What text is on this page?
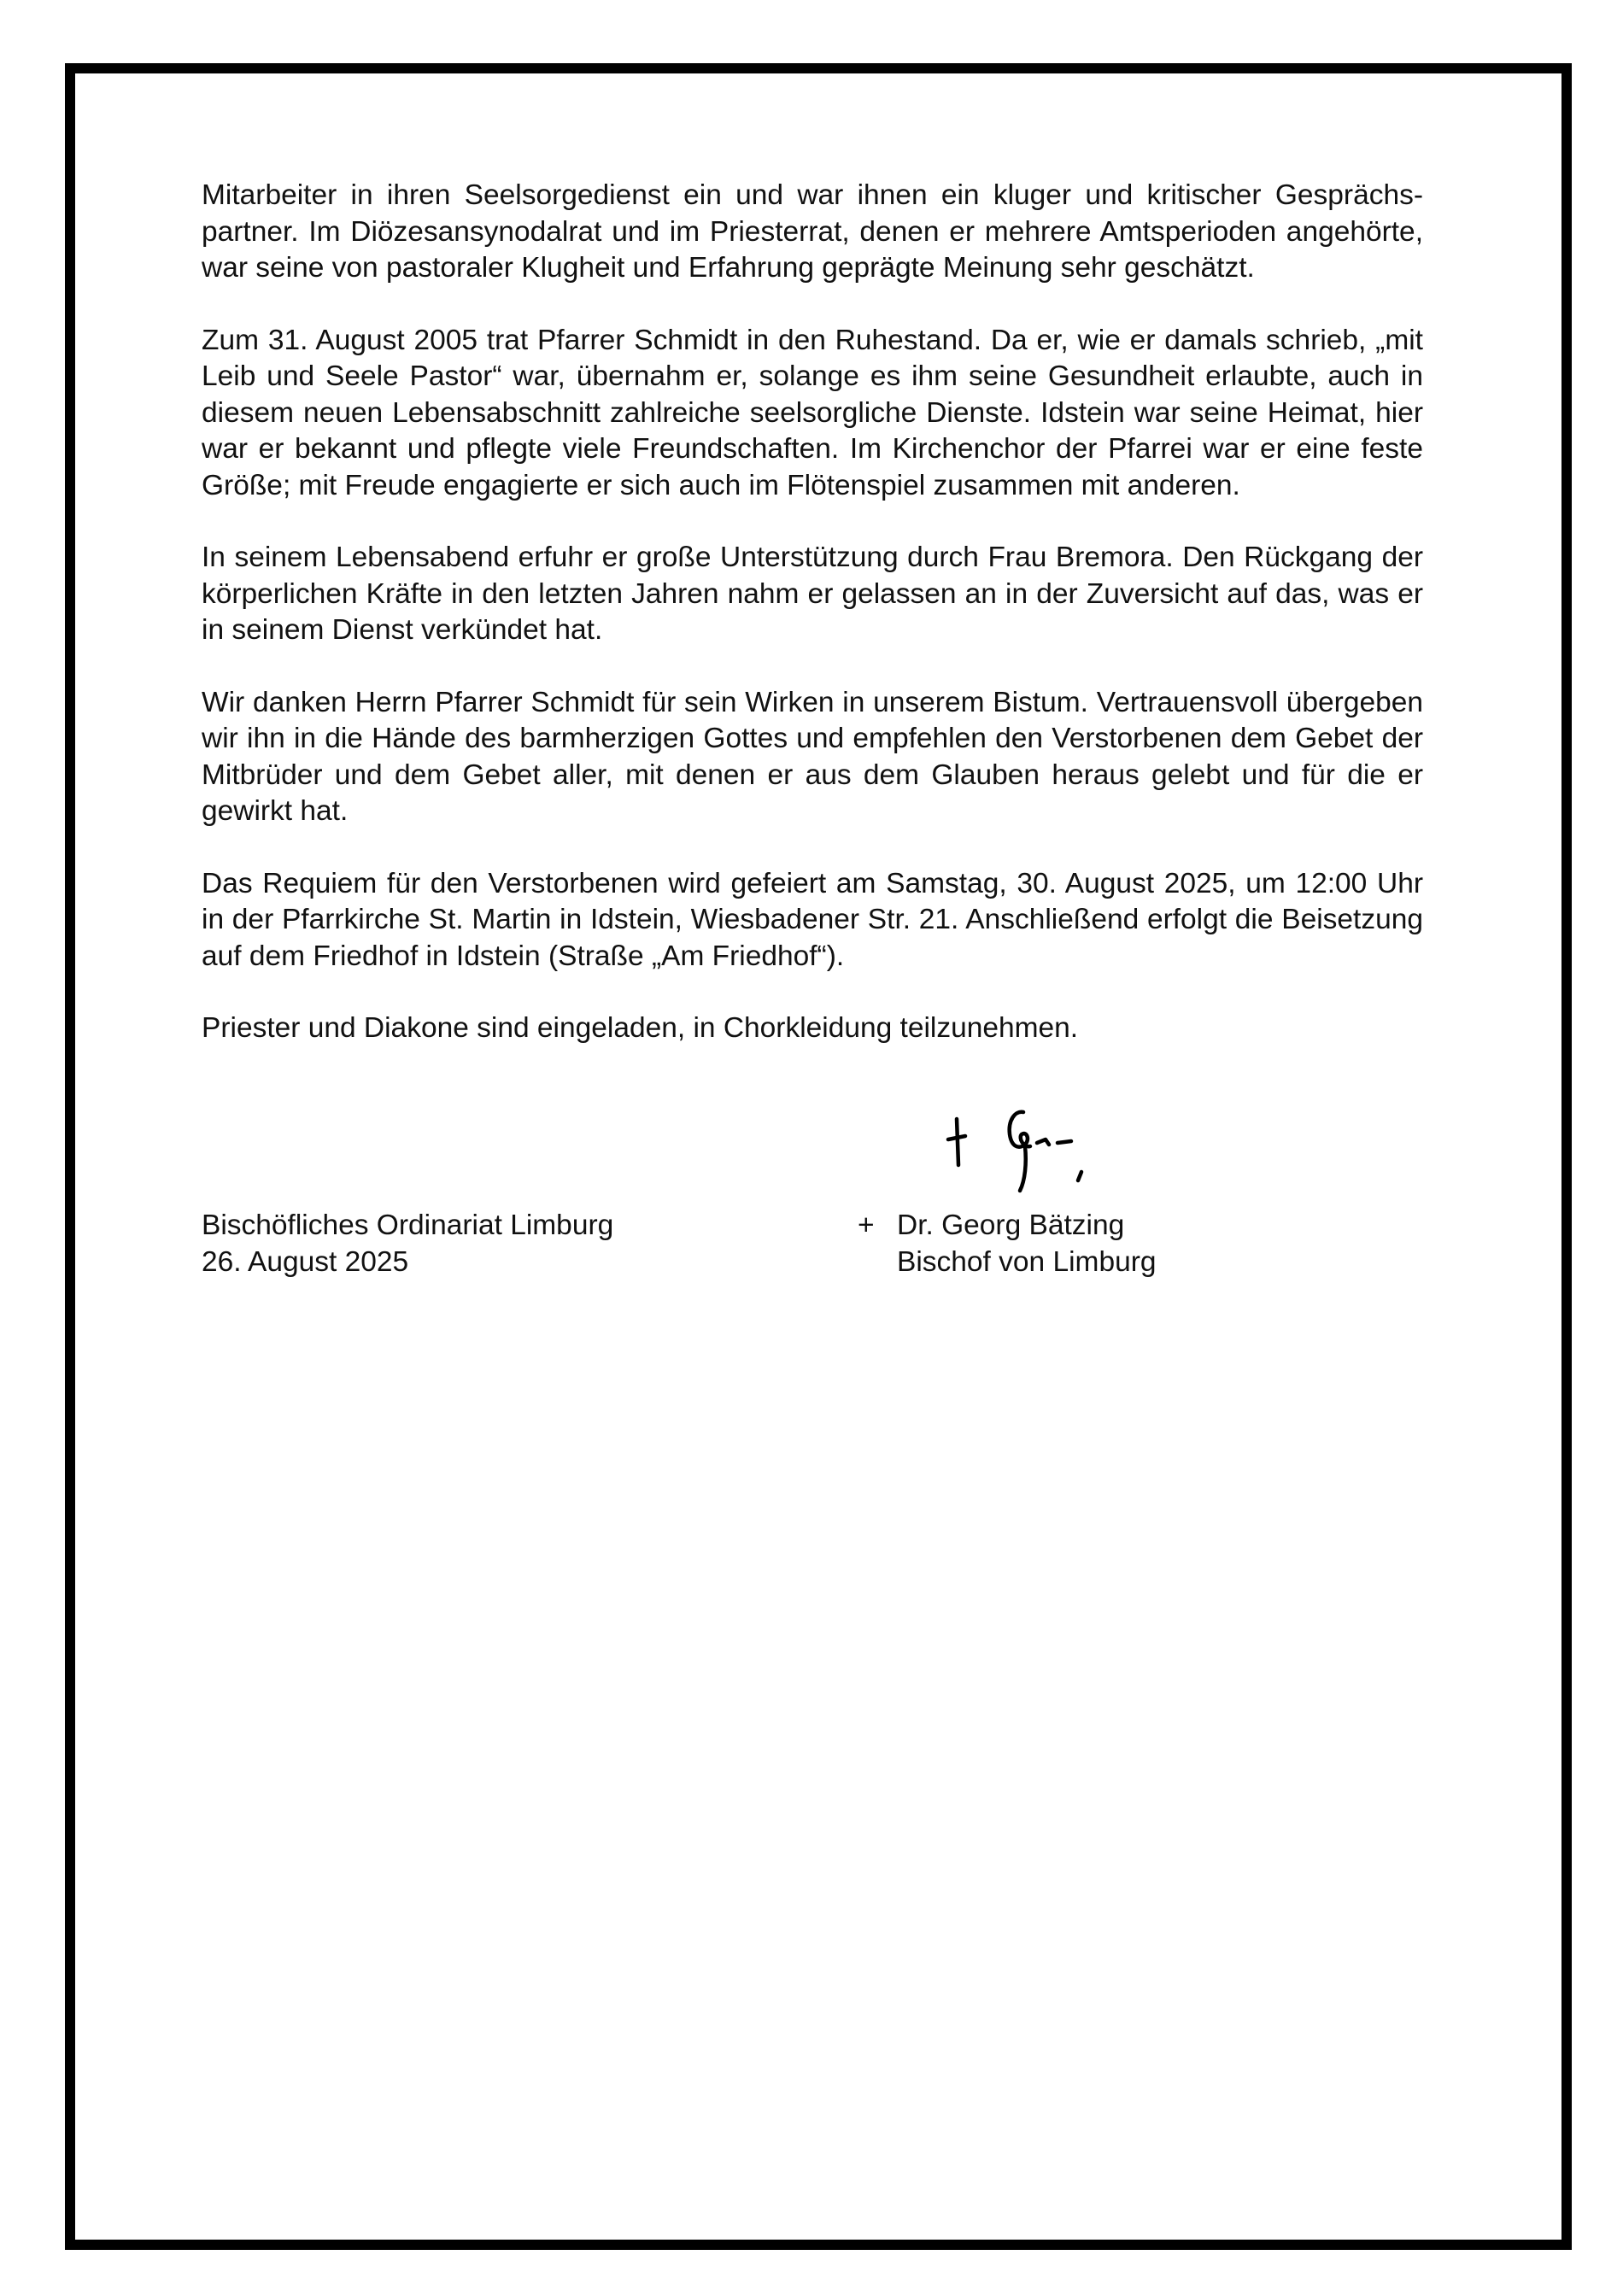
Mitarbeiter in ihren Seelsorgedienst ein und war ihnen ein kluger und kritischer Gesprächspartner. Im Diözesansynodalrat und im Priesterrat, denen er mehrere Amtsperioden angehörte, war seine von pastoraler Klugheit und Erfahrung geprägte Meinung sehr geschätzt.

Zum 31. August 2005 trat Pfarrer Schmidt in den Ruhestand. Da er, wie er damals schrieb, „mit Leib und Seele Pastor“ war, übernahm er, solange es ihm seine Gesundheit erlaubte, auch in diesem neuen Lebensabschnitt zahlreiche seelsorgliche Dienste. Idstein war seine Heimat, hier war er bekannt und pflegte viele Freundschaften. Im Kirchenchor der Pfarrei war er eine feste Größe; mit Freude engagierte er sich auch im Flötenspiel zusammen mit anderen.

In seinem Lebensabend erfuhr er große Unterstützung durch Frau Bremora. Den Rückgang der körperlichen Kräfte in den letzten Jahren nahm er gelassen an in der Zuversicht auf das, was er in seinem Dienst verkündet hat.

Wir danken Herrn Pfarrer Schmidt für sein Wirken in unserem Bistum. Vertrauensvoll übergeben wir ihn in die Hände des barmherzigen Gottes und empfehlen den Verstorbenen dem Gebet der Mitbrüder und dem Gebet aller, mit denen er aus dem Glauben heraus gelebt und für die er gewirkt hat.

Das Requiem für den Verstorbenen wird gefeiert am Samstag, 30. August 2025, um 12:00 Uhr in der Pfarrkirche St. Martin in Idstein, Wiesbadener Str. 21. Anschließend erfolgt die Beisetzung auf dem Friedhof in Idstein (Straße „Am Friedhof“).

Priester und Diakone sind eingeladen, in Chorkleidung teilzunehmen.

Bischöfliches Ordinariat Limburg
26. August 2025
+ Dr. Georg Bätzing
Bischof von Limburg
